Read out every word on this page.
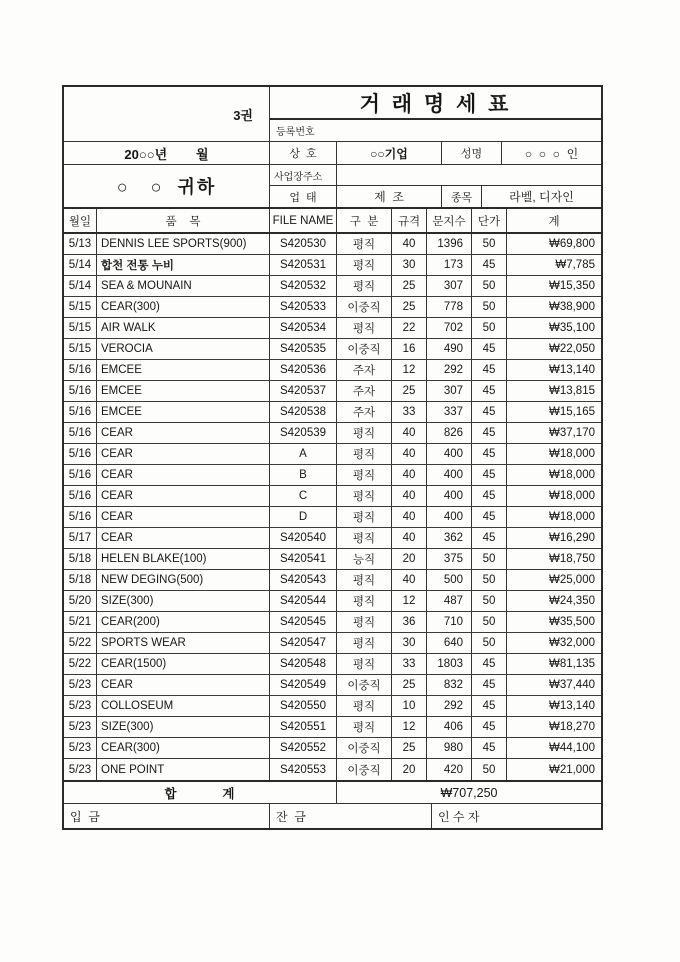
3권
20○○년        월
○   ○  귀하
거 래 명 세 표
등록번호
상  호	○○기업	성명	○  ○  ○  인
사업장주소
업  태	제  조	종목	라벨, 디자인
월일	품    목	FILE NAME	구  분	규격	문지수	단가	계
5/13 DENNIS LEE SPORTS(900)	S420530	평직	40	1396	50	₩69,800
5/14 합천 전통 누비	S420531	평직	30	173	45	₩7,785
5/14 SEA & MOUNAIN	S420532	평직	25	307	50	₩15,350
5/15 CEAR(300)	S420533	이중직	25	778	50	₩38,900
5/15 AIR WALK	S420534	평직	22	702	50	₩35,100
5/15 VEROCIA	S420535	이중직	16	490	45	₩22,050
5/16 EMCEE	S420536	주자	12	292	45	₩13,140
5/16 EMCEE	S420537	주자	25	307	45	₩13,815
5/16 EMCEE	S420538	주자	33	337	45	₩15,165
5/16 CEAR	S420539	평직	40	826	45	₩37,170
5/16 CEAR	A	평직	40	400	45	₩18,000
5/16 CEAR	B	평직	40	400	45	₩18,000
5/16 CEAR	C	평직	40	400	45	₩18,000
5/16 CEAR	D	평직	40	400	45	₩18,000
5/17 CEAR	S420540	평직	40	362	45	₩16,290
5/18 HELEN BLAKE(100)	S420541	능직	20	375	50	₩18,750
5/18 NEW DEGING(500)	S420543	평직	40	500	50	₩25,000
5/20 SIZE(300)	S420544	평직	12	487	50	₩24,350
5/21 CEAR(200)	S420545	평직	36	710	50	₩35,500
5/22 SPORTS WEAR	S420547	평직	30	640	50	₩32,000
5/22 CEAR(1500)	S420548	평직	33	1803	45	₩81,135
5/23 CEAR	S420549	이중직	25	832	45	₩37,440
5/23 COLLOSEUM	S420550	평직	10	292	45	₩13,140
5/23 SIZE(300)	S420551	평직	12	406	45	₩18,270
5/23 CEAR(300)	S420552	이중직	25	980	45	₩44,100
5/23 ONE POINT	S420553	이중직	20	420	50	₩21,000
합          계	₩707,250
입  금	잔  금	인 수 자
